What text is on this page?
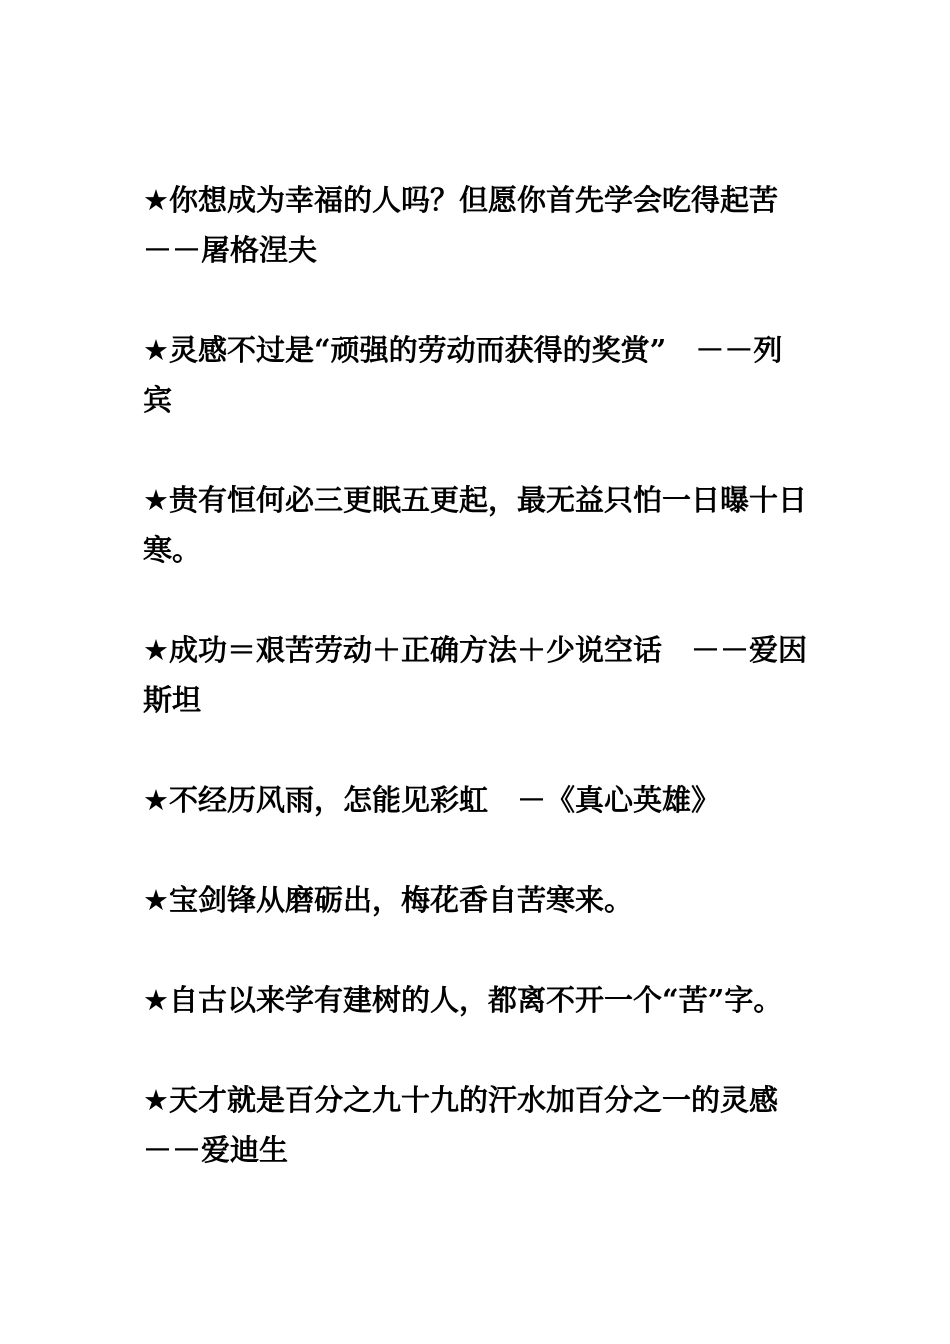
★你想成为幸福的人吗？但愿你首先学会吃得起苦
－－屠格涅夫

★灵感不过是“顽强的劳动而获得的奖赏”　－－列宾

★贵有恒何必三更眠五更起，最无益只怕一日曝十日寒。

★成功＝艰苦劳动＋正确方法＋少说空话　－－爱因斯坦

★不经历风雨，怎能见彩虹　－《真心英雄》

★宝剑锋从磨砺出，梅花香自苦寒来。

★自古以来学有建树的人，都离不开一个“苦”字。

★天才就是百分之九十九的汗水加百分之一的灵感
－－爱迪生
